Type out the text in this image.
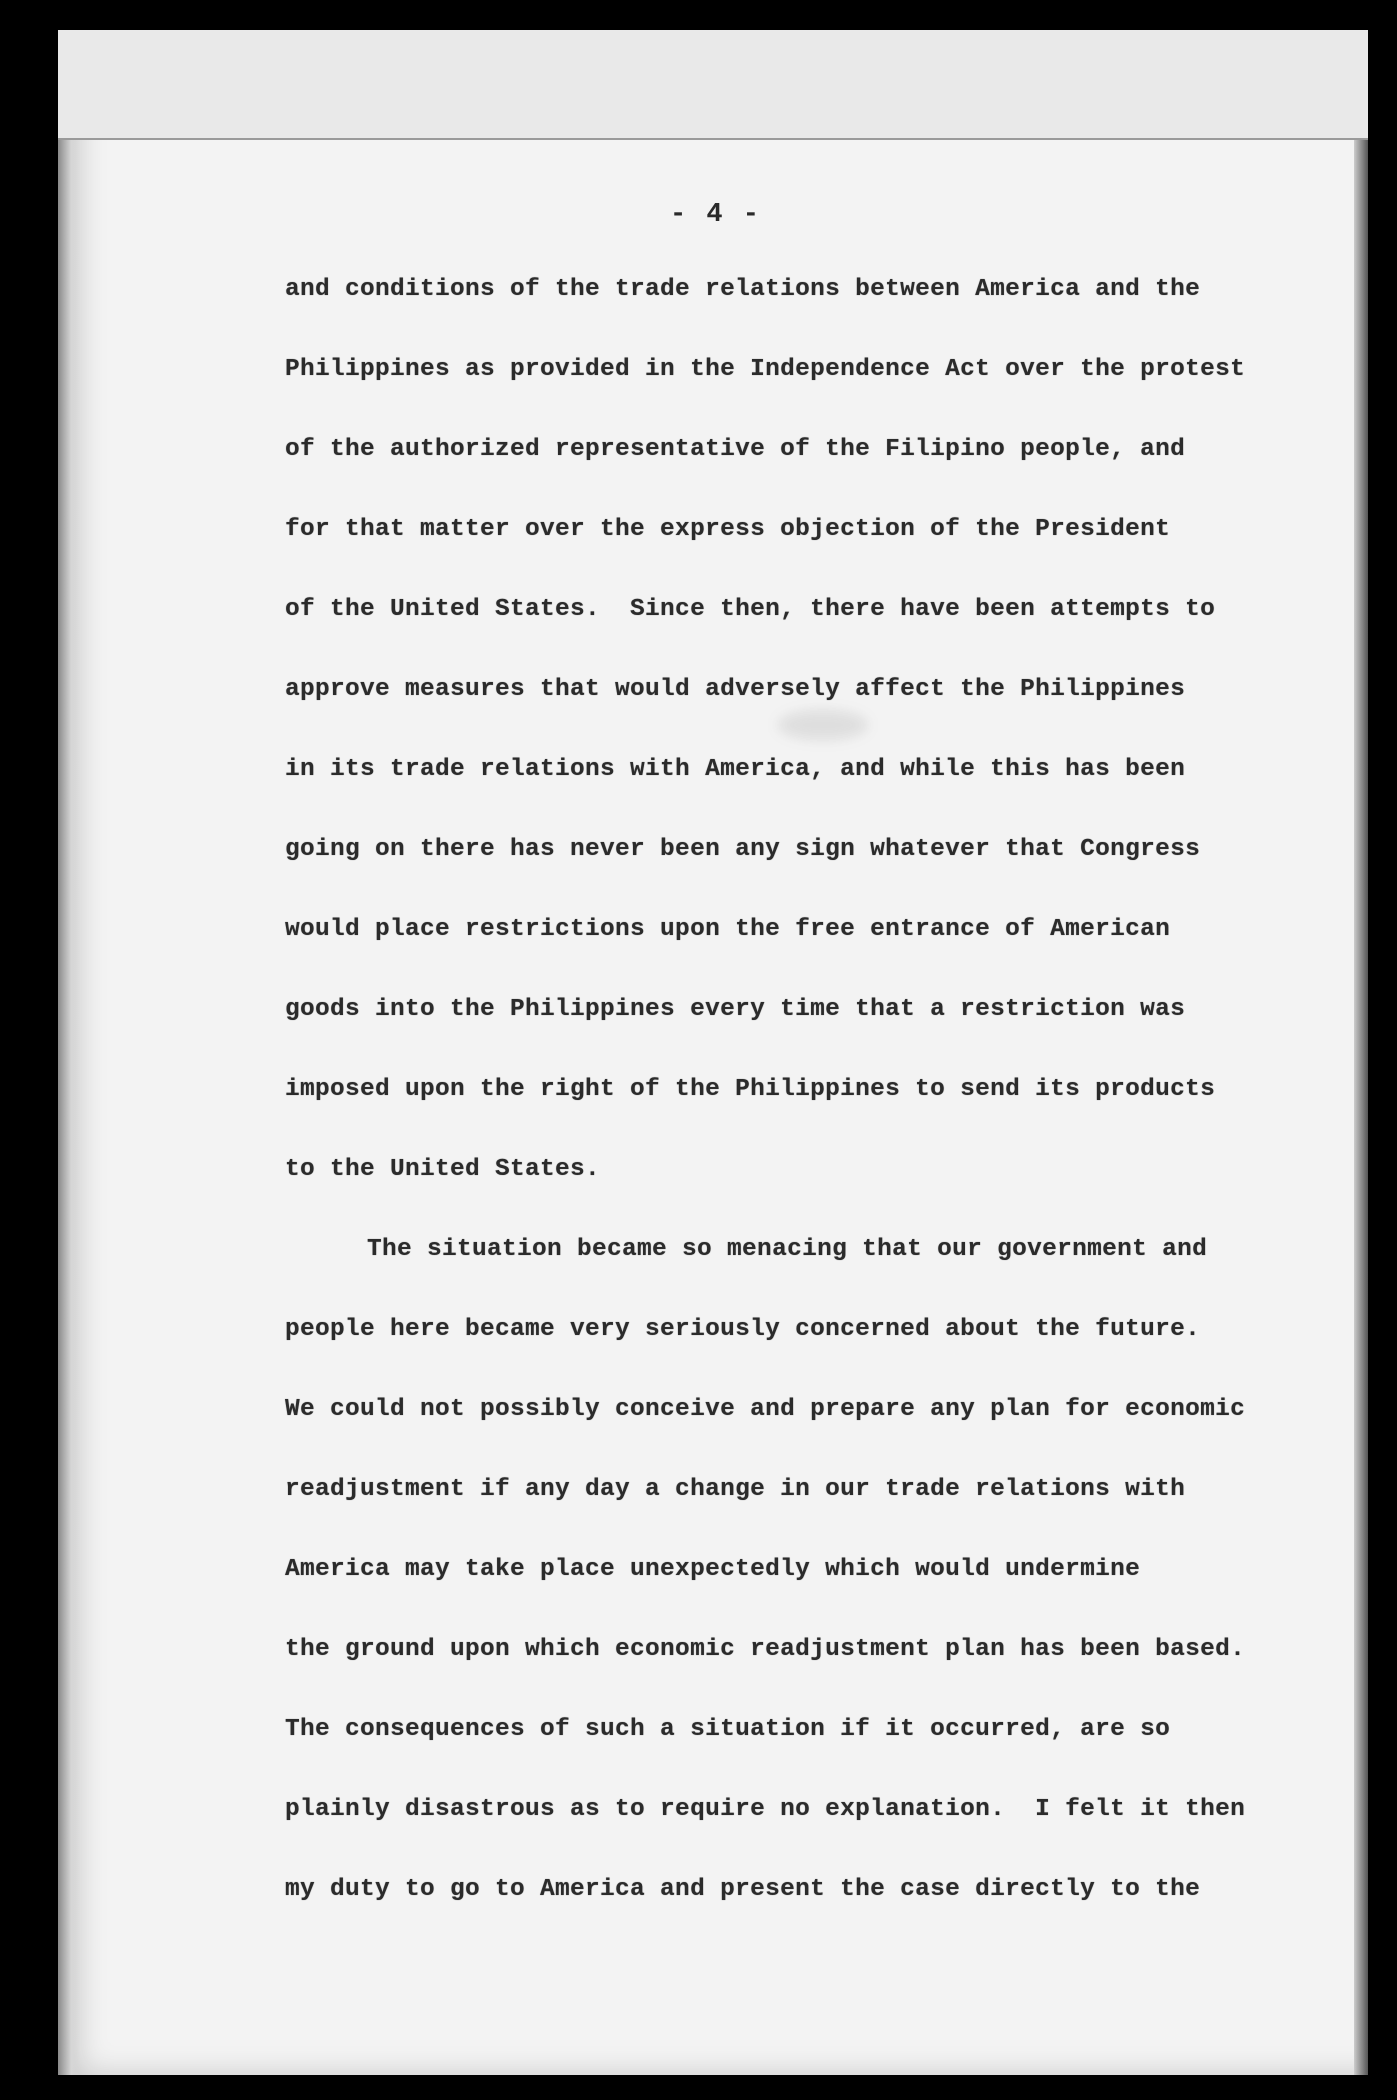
- 4 -
and conditions of the trade relations between America and the
Philippines as provided in the Independence Act over the protest
of the authorized representative of the Filipino people, and
for that matter over the express objection of the President
of the United States.  Since then, there have been attempts to
approve measures that would adversely affect the Philippines
in its trade relations with America, and while this has been
going on there has never been any sign whatever that Congress
would place restrictions upon the free entrance of American
goods into the Philippines every time that a restriction was
imposed upon the right of the Philippines to send its products
to the United States.
The situation became so menacing that our government and
people here became very seriously concerned about the future.
We could not possibly conceive and prepare any plan for economic
readjustment if any day a change in our trade relations with
America may take place unexpectedly which would undermine
the ground upon which economic readjustment plan has been based.
The consequences of such a situation if it occurred, are so
plainly disastrous as to require no explanation.  I felt it then
my duty to go to America and present the case directly to the
